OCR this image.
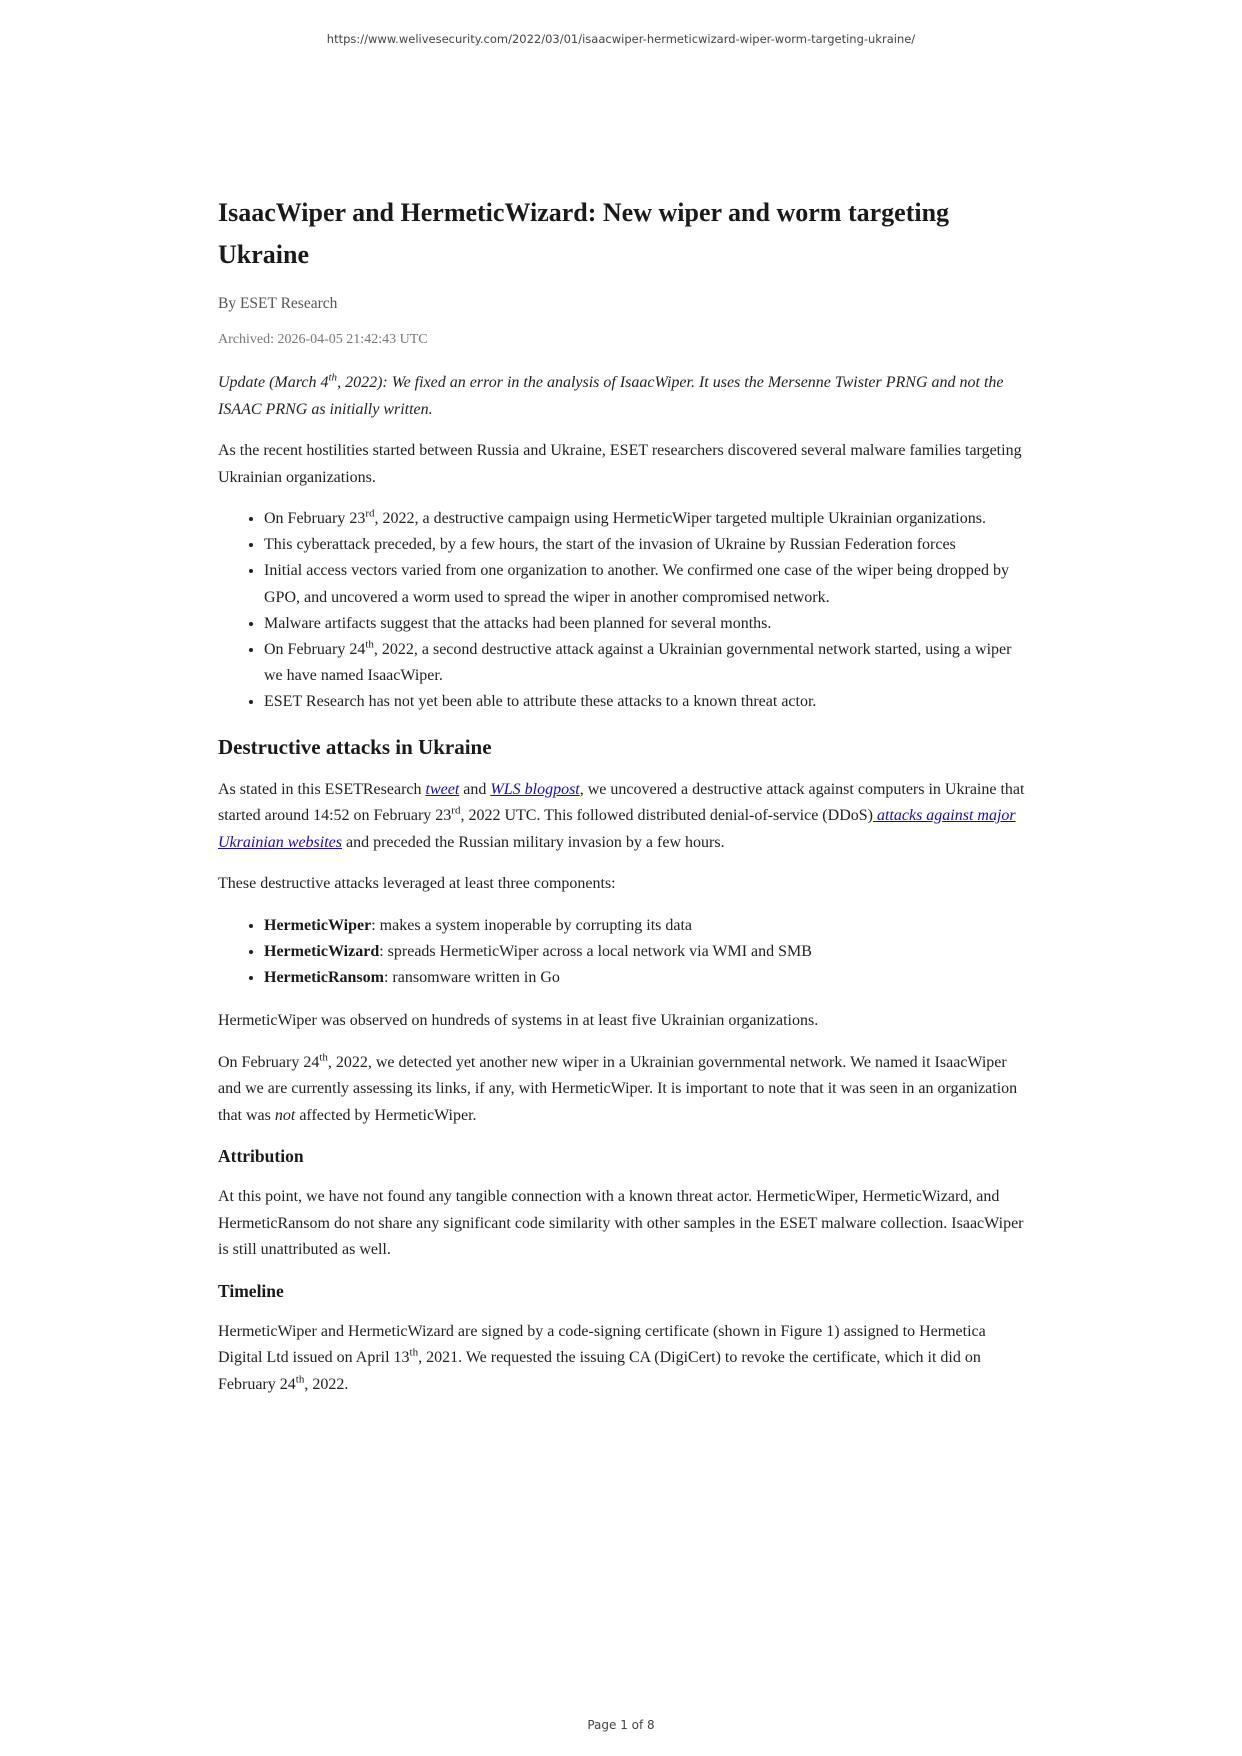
https://www.welivesecurity.com/2022/03/01/isaacwiper-hermeticwizard-wiper-worm-targeting-ukraine/
IsaacWiper and HermeticWizard: New wiper and worm targeting Ukraine
By ESET Research
Archived: 2026-04-05 21:42:43 UTC

Update (March 4th, 2022): We fixed an error in the analysis of IsaacWiper. It uses the Mersenne Twister PRNG and not the ISAAC PRNG as initially written.

As the recent hostilities started between Russia and Ukraine, ESET researchers discovered several malware families targeting Ukrainian organizations.

• On February 23rd, 2022, a destructive campaign using HermeticWiper targeted multiple Ukrainian organizations.
• This cyberattack preceded, by a few hours, the start of the invasion of Ukraine by Russian Federation forces
• Initial access vectors varied from one organization to another. We confirmed one case of the wiper being dropped by GPO, and uncovered a worm used to spread the wiper in another compromised network.
• Malware artifacts suggest that the attacks had been planned for several months.
• On February 24th, 2022, a second destructive attack against a Ukrainian governmental network started, using a wiper we have named IsaacWiper.
• ESET Research has not yet been able to attribute these attacks to a known threat actor.
Destructive attacks in Ukraine

As stated in this ESETResearch tweet and WLS blogpost, we uncovered a destructive attack against computers in Ukraine that started around 14:52 on February 23rd, 2022 UTC. This followed distributed denial-of-service (DDoS) attacks against major Ukrainian websites and preceded the Russian military invasion by a few hours.

These destructive attacks leveraged at least three components:

• HermeticWiper: makes a system inoperable by corrupting its data
• HermeticWizard: spreads HermeticWiper across a local network via WMI and SMB
• HermeticRansom: ransomware written in Go

HermeticWiper was observed on hundreds of systems in at least five Ukrainian organizations.

On February 24th, 2022, we detected yet another new wiper in a Ukrainian governmental network. We named it IsaacWiper and we are currently assessing its links, if any, with HermeticWiper. It is important to note that it was seen in an organization that was not affected by HermeticWiper.

Attribution

At this point, we have not found any tangible connection with a known threat actor. HermeticWiper, HermeticWizard, and HermeticRansom do not share any significant code similarity with other samples in the ESET malware collection. IsaacWiper is still unattributed as well.

Timeline

HermeticWiper and HermeticWizard are signed by a code-signing certificate (shown in Figure 1) assigned to Hermetica Digital Ltd issued on April 13th, 2021. We requested the issuing CA (DigiCert) to revoke the certificate, which it did on February 24th, 2022.

Page 1 of 8
